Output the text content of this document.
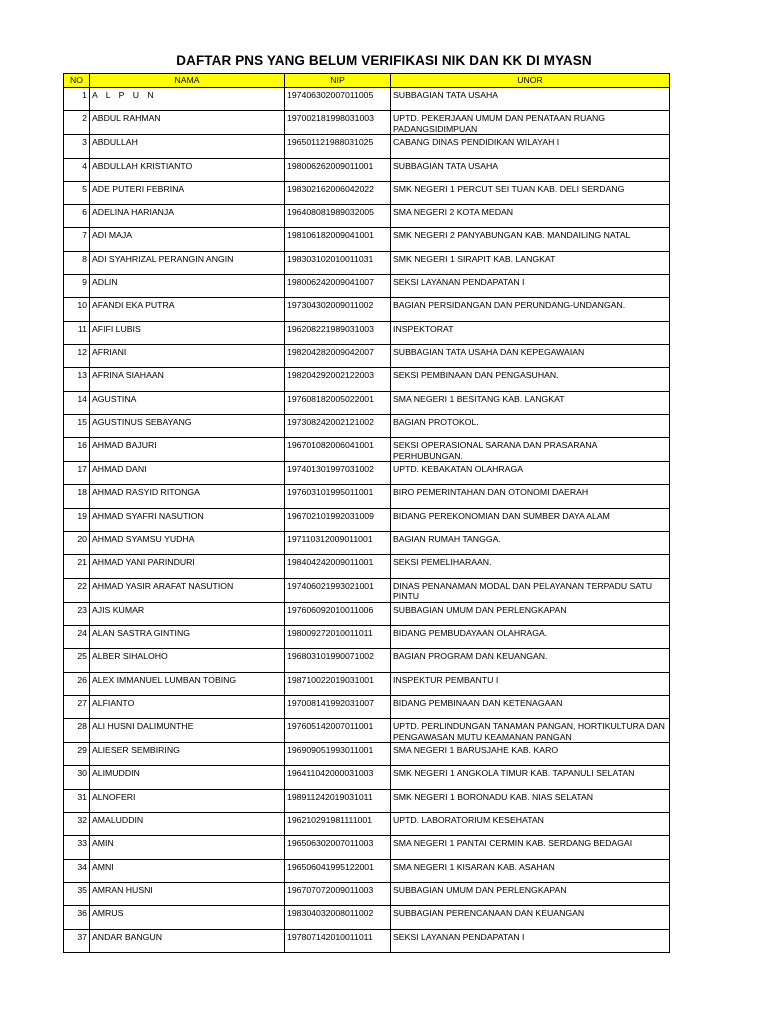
DAFTAR PNS YANG BELUM VERIFIKASI NIK DAN KK DI MYASN
NO	NAMA	NIP	UNOR
1	A L P U N	197406302007011005	SUBBAGIAN TATA USAHA
2	ABDUL RAHMAN	197002181998031003	UPTD. PEKERJAAN UMUM DAN PENATAAN RUANG PADANGSIDIMPUAN
3	ABDULLAH	196501121988031025	CABANG DINAS PENDIDIKAN WILAYAH I
4	ABDULLAH KRISTIANTO	198006262009011001	SUBBAGIAN TATA USAHA
5	ADE PUTERI FEBRINA	198302162006042022	SMK NEGERI 1 PERCUT SEI TUAN KAB. DELI SERDANG
6	ADELINA HARIANJA	196408081989032005	SMA NEGERI 2 KOTA MEDAN
7	ADI MAJA	198106182009041001	SMK NEGERI 2 PANYABUNGAN KAB. MANDAILING NATAL
8	ADI SYAHRIZAL PERANGIN ANGIN	198303102010011031	SMK NEGERI 1 SIRAPIT KAB. LANGKAT
9	ADLIN	198006242009041007	SEKSI LAYANAN PENDAPATAN I
10	AFANDI EKA PUTRA	197304302009011002	BAGIAN PERSIDANGAN DAN PERUNDANG-UNDANGAN.
11	AFIFI LUBIS	196208221989031003	INSPEKTORAT
12	AFRIANI	198204282009042007	SUBBAGIAN TATA USAHA DAN KEPEGAWAIAN
13	AFRINA SIAHAAN	198204292002122003	SEKSI PEMBINAAN DAN PENGASUHAN.
14	AGUSTINA	197608182005022001	SMA NEGERI 1 BESITANG KAB. LANGKAT
15	AGUSTINUS SEBAYANG	197308242002121002	BAGIAN PROTOKOL.
16	AHMAD BAJURI	196701082006041001	SEKSI OPERASIONAL SARANA DAN PRASARANA PERHUBUNGAN.
17	AHMAD DANI	197401301997031002	UPTD. KEBAKATAN OLAHRAGA
18	AHMAD RASYID RITONGA	197603101995011001	BIRO PEMERINTAHAN DAN OTONOMI DAERAH
19	AHMAD SYAFRI NASUTION	196702101992031009	BIDANG PEREKONOMIAN DAN SUMBER DAYA ALAM
20	AHMAD SYAMSU YUDHA	197110312009011001	BAGIAN RUMAH TANGGA.
21	AHMAD YANI PARINDURI	198404242009011001	SEKSI PEMELIHARAAN.
22	AHMAD YASIR ARAFAT NASUTION	197406021993021001	DINAS PENANAMAN MODAL DAN PELAYANAN TERPADU SATU PINTU
23	AJIS KUMAR	197606092010011006	SUBBAGIAN UMUM DAN PERLENGKAPAN
24	ALAN SASTRA GINTING	198009272010011011	BIDANG PEMBUDAYAAN OLAHRAGA.
25	ALBER SIHALOHO	196803101990071002	BAGIAN PROGRAM DAN KEUANGAN.
26	ALEX IMMANUEL LUMBAN TOBING	198710022019031001	INSPEKTUR PEMBANTU I
27	ALFIANTO	197008141992031007	BIDANG PEMBINAAN DAN KETENAGAAN
28	ALI HUSNI DALIMUNTHE	197605142007011001	UPTD. PERLINDUNGAN TANAMAN PANGAN, HORTIKULTURA DAN PENGAWASAN MUTU KEAMANAN PANGAN
29	ALIESER SEMBIRING	196909051993011001	SMA NEGERI 1 BARUSJAHE KAB. KARO
30	ALIMUDDIN	196411042000031003	SMK NEGERI 1 ANGKOLA TIMUR KAB. TAPANULI SELATAN
31	ALNOFERI	198911242019031011	SMK NEGERI 1 BORONADU KAB. NIAS SELATAN
32	AMALUDDIN	196210291981111001	UPTD. LABORATORIUM KESEHATAN
33	AMIN	196506302007011003	SMA NEGERI 1 PANTAI CERMIN KAB. SERDANG BEDAGAI
34	AMNI	196506041995122001	SMA NEGERI 1 KISARAN KAB. ASAHAN
35	AMRAN HUSNI	196707072009011003	SUBBAGIAN UMUM DAN PERLENGKAPAN
36	AMRUS	198304032008011002	SUBBAGIAN PERENCANAAN DAN KEUANGAN
37	ANDAR BANGUN	197807142010011011	SEKSI LAYANAN PENDAPATAN I
